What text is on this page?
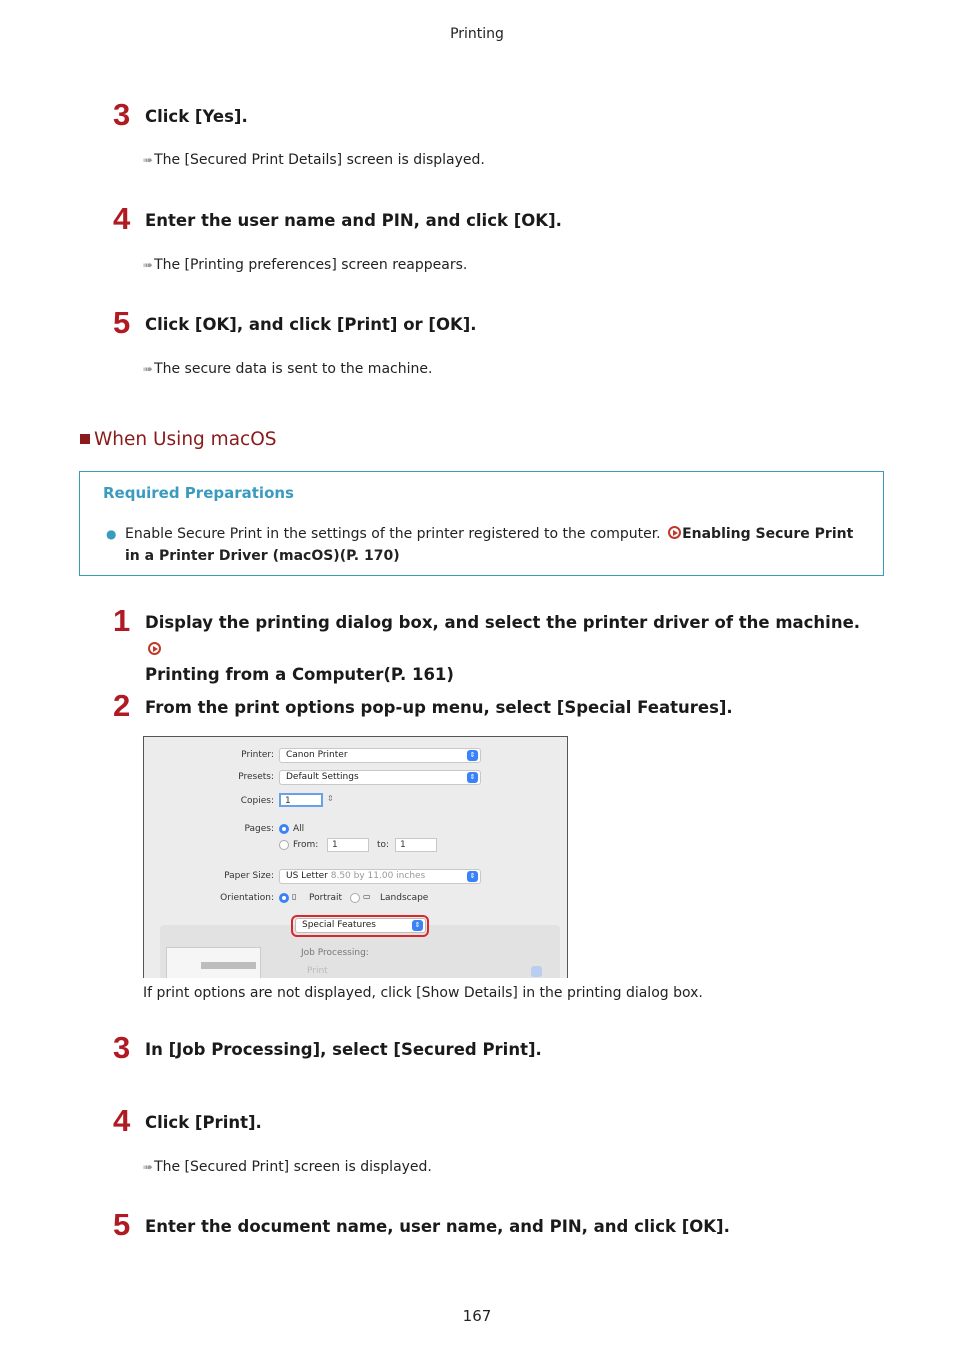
Printing
3 Click [Yes].
➠ The [Secured Print Details] screen is displayed.
4 Enter the user name and PIN, and click [OK].
➠ The [Printing preferences] screen reappears.
5 Click [OK], and click [Print] or [OK].
➠ The secure data is sent to the machine.
When Using macOS
Required Preparations
● Enable Secure Print in the settings of the printer registered to the computer. Enabling Secure Print in a Printer Driver (macOS)(P. 170)
1 Display the printing dialog box, and select the printer driver of the machine.
Printing from a Computer(P. 161)
2 From the print options pop-up menu, select [Special Features].
Printer:	Canon Printer	⇕
Presets:	Default Settings	⇕
Copies:	1	⇕
Pages: All
From:	1	to:	1
Paper Size:	US Letter 8.50 by 11.00 inches	⇕
Orientation: ▯ Portrait	▭ Landscape
Special Features	⇕
Job Processing:
Print
If print options are not displayed, click [Show Details] in the printing dialog box.
3 In [Job Processing], select [Secured Print].
4 Click [Print].
➠ The [Secured Print] screen is displayed.
5 Enter the document name, user name, and PIN, and click [OK].
167
